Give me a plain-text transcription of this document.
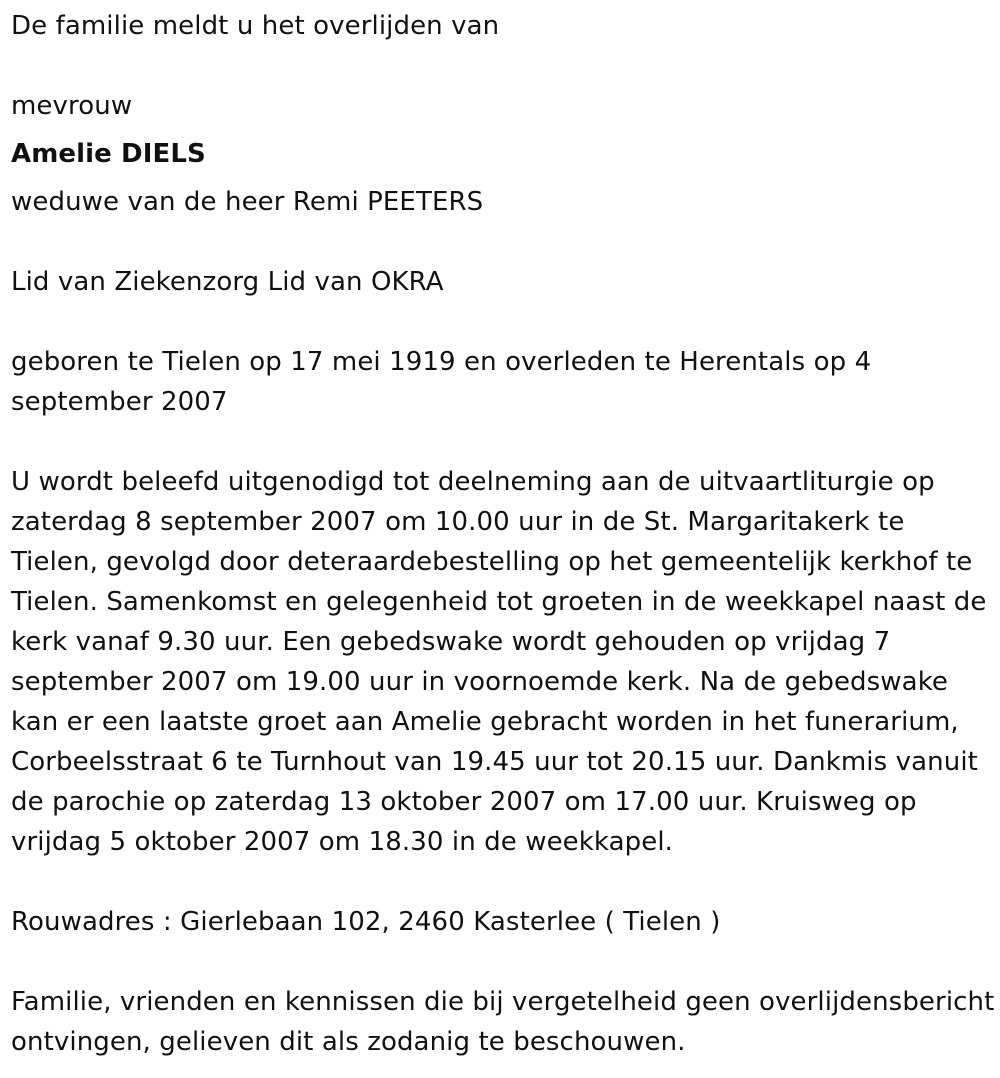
De familie meldt u het overlijden van

mevrouw

Amelie DIELS

weduwe van de heer Remi PEETERS

Lid van Ziekenzorg Lid van OKRA

geboren te Tielen op 17 mei 1919 en overleden te Herentals op 4 september 2007

U wordt beleefd uitgenodigd tot deelneming aan de uitvaartliturgie op zaterdag 8 september 2007 om 10.00 uur in de St. Margaritakerk te Tielen, gevolgd door deteraardebestelling op het gemeentelijk kerkhof te Tielen. Samenkomst en gelegenheid tot groeten in de weekkapel naast de kerk vanaf 9.30 uur. Een gebedswake wordt gehouden op vrijdag 7 september 2007 om 19.00 uur in voornoemde kerk. Na de gebedswake kan er een laatste groet aan Amelie gebracht worden in het funerarium, Corbeelsstraat 6 te Turnhout van 19.45 uur tot 20.15 uur. Dankmis vanuit de parochie op zaterdag 13 oktober 2007 om 17.00 uur. Kruisweg op vrijdag 5 oktober 2007 om 18.30 in de weekkapel.

Rouwadres : Gierlebaan 102, 2460 Kasterlee ( Tielen )

Familie, vrienden en kennissen die bij vergetelheid geen overlijdensbericht ontvingen, gelieven dit als zodanig te beschouwen.
